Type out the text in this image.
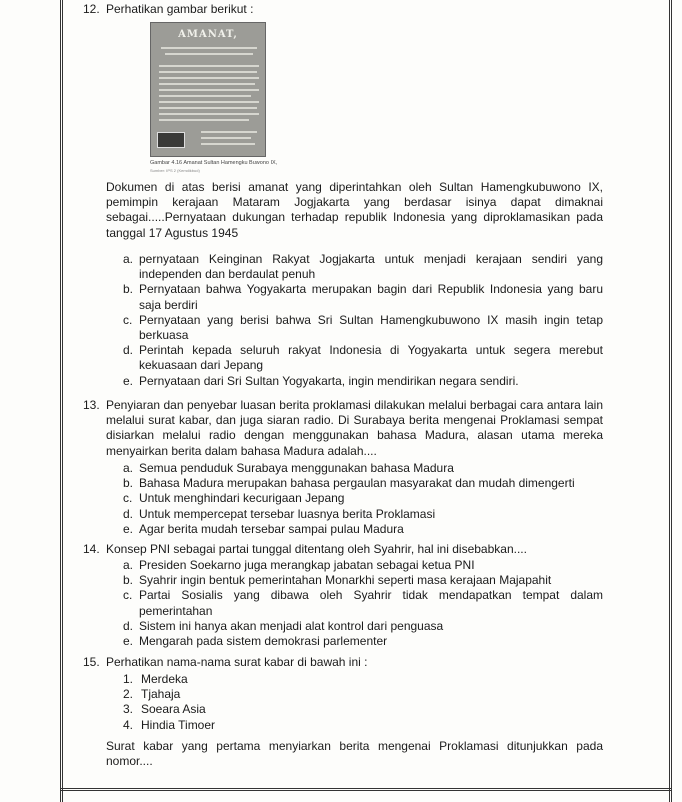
12. Perhatikan gambar berikut :
Dokumen di atas berisi amanat yang diperintahkan oleh Sultan Hamengkubuwono IX, pemimpin kerajaan Mataram Jogjakarta yang berdasar isinya dapat dimaknai sebagai.....Pernyataan dukungan terhadap republik Indonesia yang diproklamasikan pada tanggal 17 Agustus 1945
a. pernyataan Keinginan Rakyat Jogjakarta untuk menjadi kerajaan sendiri yang independen dan berdaulat penuh
b. Pernyataan bahwa Yogyakarta merupakan bagin dari Republik Indonesia yang baru saja berdiri
c. Pernyataan yang berisi bahwa Sri Sultan Hamengkubuwono IX masih ingin tetap berkuasa
d. Perintah kepada seluruh rakyat Indonesia di Yogyakarta untuk segera merebut kekuasaan dari Jepang
e. Pernyataan dari Sri Sultan Yogyakarta, ingin mendirikan negara sendiri.
13. Penyiaran dan penyebar luasan berita proklamasi dilakukan melalui berbagai cara antara lain melalui surat kabar, dan juga siaran radio. Di Surabaya berita mengenai Proklamasi sempat disiarkan melalui radio dengan menggunakan bahasa Madura, alasan utama mereka menyairkan berita dalam bahasa Madura adalah....
a. Semua penduduk Surabaya menggunakan bahasa Madura
b. Bahasa Madura merupakan bahasa pergaulan masyarakat dan mudah dimengerti
c. Untuk menghindari kecurigaan Jepang
d. Untuk mempercepat tersebar luasnya berita Proklamasi
e. Agar berita mudah tersebar sampai pulau Madura
14. Konsep PNI sebagai partai tunggal ditentang oleh Syahrir, hal ini disebabkan....
a. Presiden Soekarno juga merangkap jabatan sebagai ketua PNI
b. Syahrir ingin bentuk pemerintahan Monarkhi seperti masa kerajaan Majapahit
c. Partai Sosialis yang dibawa oleh Syahrir tidak mendapatkan tempat dalam pemerintahan
d. Sistem ini hanya akan menjadi alat kontrol dari penguasa
e. Mengarah pada sistem demokrasi parlementer
15. Perhatikan nama-nama surat kabar di bawah ini :
1. Merdeka
2. Tjahaja
3. Soeara Asia
4. Hindia Timoer
Surat kabar yang pertama menyiarkan berita mengenai Proklamasi ditunjukkan pada nomor....
AMANAT,
Gambar 4.16 Amanat Sultan Hamengku Buwono IX,
Sumber: IPS 2 (Kemdikbud)
